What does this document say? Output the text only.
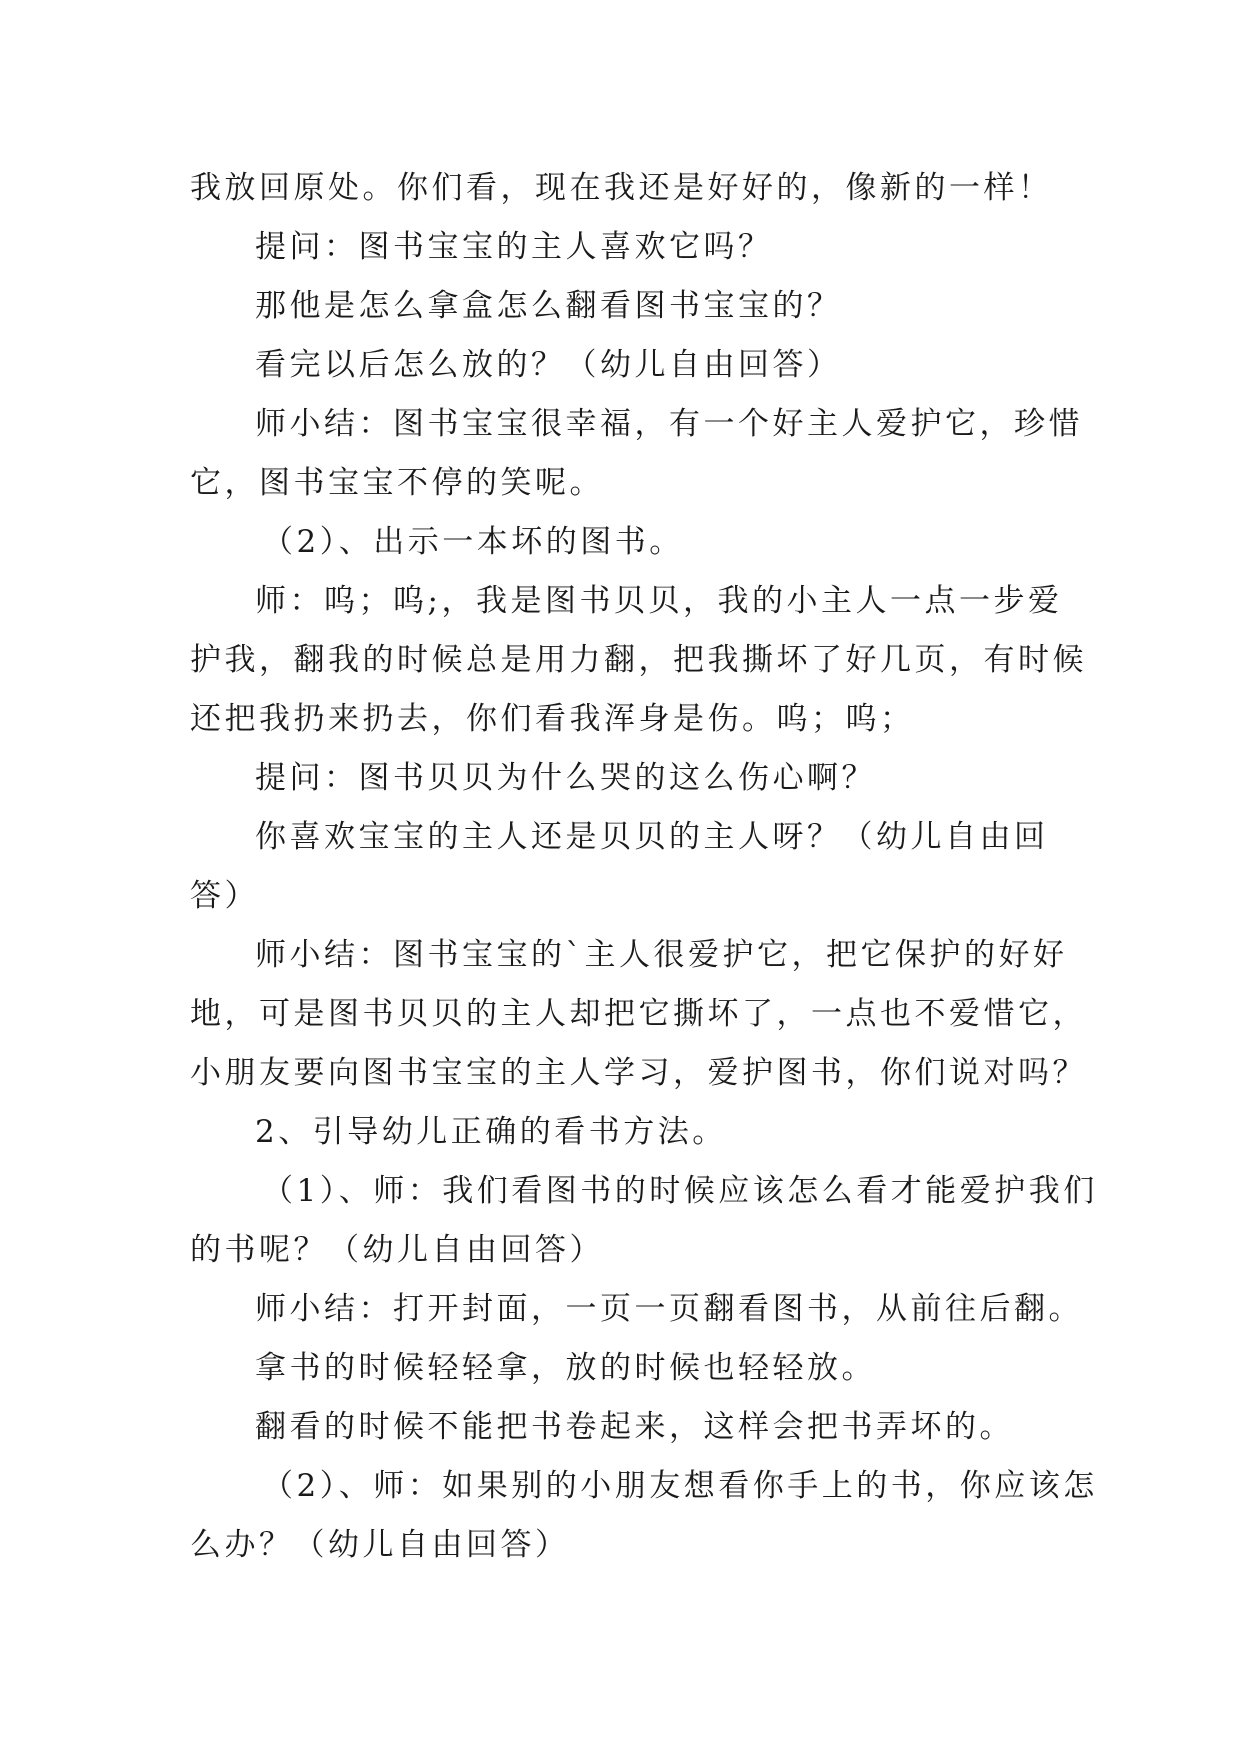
我放回原处。你们看，现在我还是好好的，像新的一样！
提问：图书宝宝的主人喜欢它吗？
那他是怎么拿盒怎么翻看图书宝宝的？
看完以后怎么放的？（幼儿自由回答）
师小结：图书宝宝很幸福，有一个好主人爱护它，珍惜
它，图书宝宝不停的笑呢。
（2）、出示一本坏的图书。
师：呜；呜;，我是图书贝贝，我的小主人一点一步爱
护我，翻我的时候总是用力翻，把我撕坏了好几页，有时候
还把我扔来扔去，你们看我浑身是伤。呜；呜；
提问：图书贝贝为什么哭的这么伤心啊？
你喜欢宝宝的主人还是贝贝的主人呀？（幼儿自由回
答）
师小结：图书宝宝的`主人很爱护它，把它保护的好好
地，可是图书贝贝的主人却把它撕坏了，一点也不爱惜它，
小朋友要向图书宝宝的主人学习，爱护图书，你们说对吗？
2、引导幼儿正确的看书方法。
（1）、师：我们看图书的时候应该怎么看才能爱护我们
的书呢？（幼儿自由回答）
师小结：打开封面，一页一页翻看图书，从前往后翻。
拿书的时候轻轻拿，放的时候也轻轻放。
翻看的时候不能把书卷起来，这样会把书弄坏的。
（2）、师：如果别的小朋友想看你手上的书，你应该怎
么办？（幼儿自由回答）
